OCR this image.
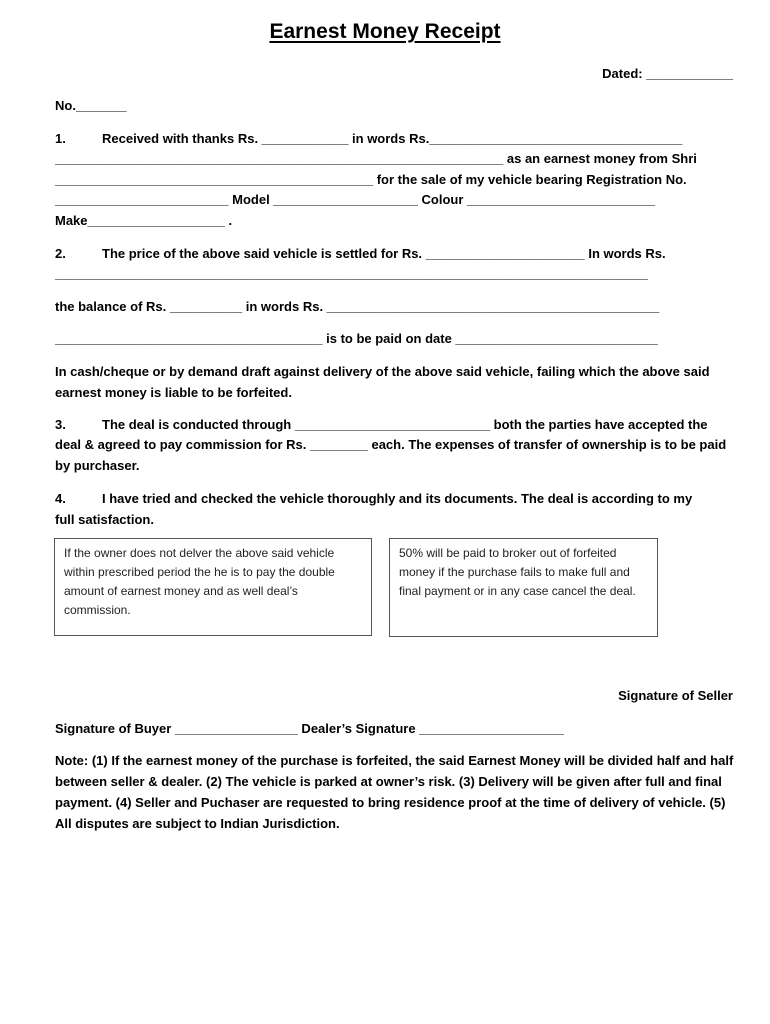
Earnest Money Receipt
Dated: ____________
No._______
1.	Received with thanks Rs. ____________ in words Rs.___________________________________
______________________________________________________________ as an earnest money from Shri
____________________________________________ for the sale of my vehicle bearing Registration No.
________________________ Model ____________________ Colour __________________________
Make___________________ .
2.	The price of the above said vehicle is settled for Rs. ______________________ In words Rs.
__________________________________________________________________________________
the balance of Rs. __________ in words Rs. ______________________________________________
_____________________________________ is to be paid on date ____________________________
In cash/cheque or by demand draft against delivery of the above said vehicle, failing which the above said earnest money is liable to be forfeited.
3.	The deal is conducted through ___________________________ both the parties have accepted the
deal & agreed to pay commission for Rs. ________ each. The expenses of transfer of ownership is to be paid by purchaser.
4.	I have tried and checked the vehicle thoroughly and its documents. The deal is according to my
full satisfaction.
If the owner does not delver the above said vehicle within prescribed period the he is to pay the double amount of earnest money and as well deal’s commission.
50% will be paid to broker out of forfeited money if the purchase fails to make full and final payment or in any case cancel the deal.
Signature of Seller
Signature of Buyer _________________ Dealer’s Signature ____________________
Note: (1) If the earnest money of the purchase is forfeited, the said Earnest Money will be divided half and half between seller & dealer. (2) The vehicle is parked at owner’s risk. (3) Delivery will be given after full and final payment. (4) Seller and Puchaser are requested to bring residence proof at the time of delivery of vehicle. (5) All disputes are subject to Indian Jurisdiction.
